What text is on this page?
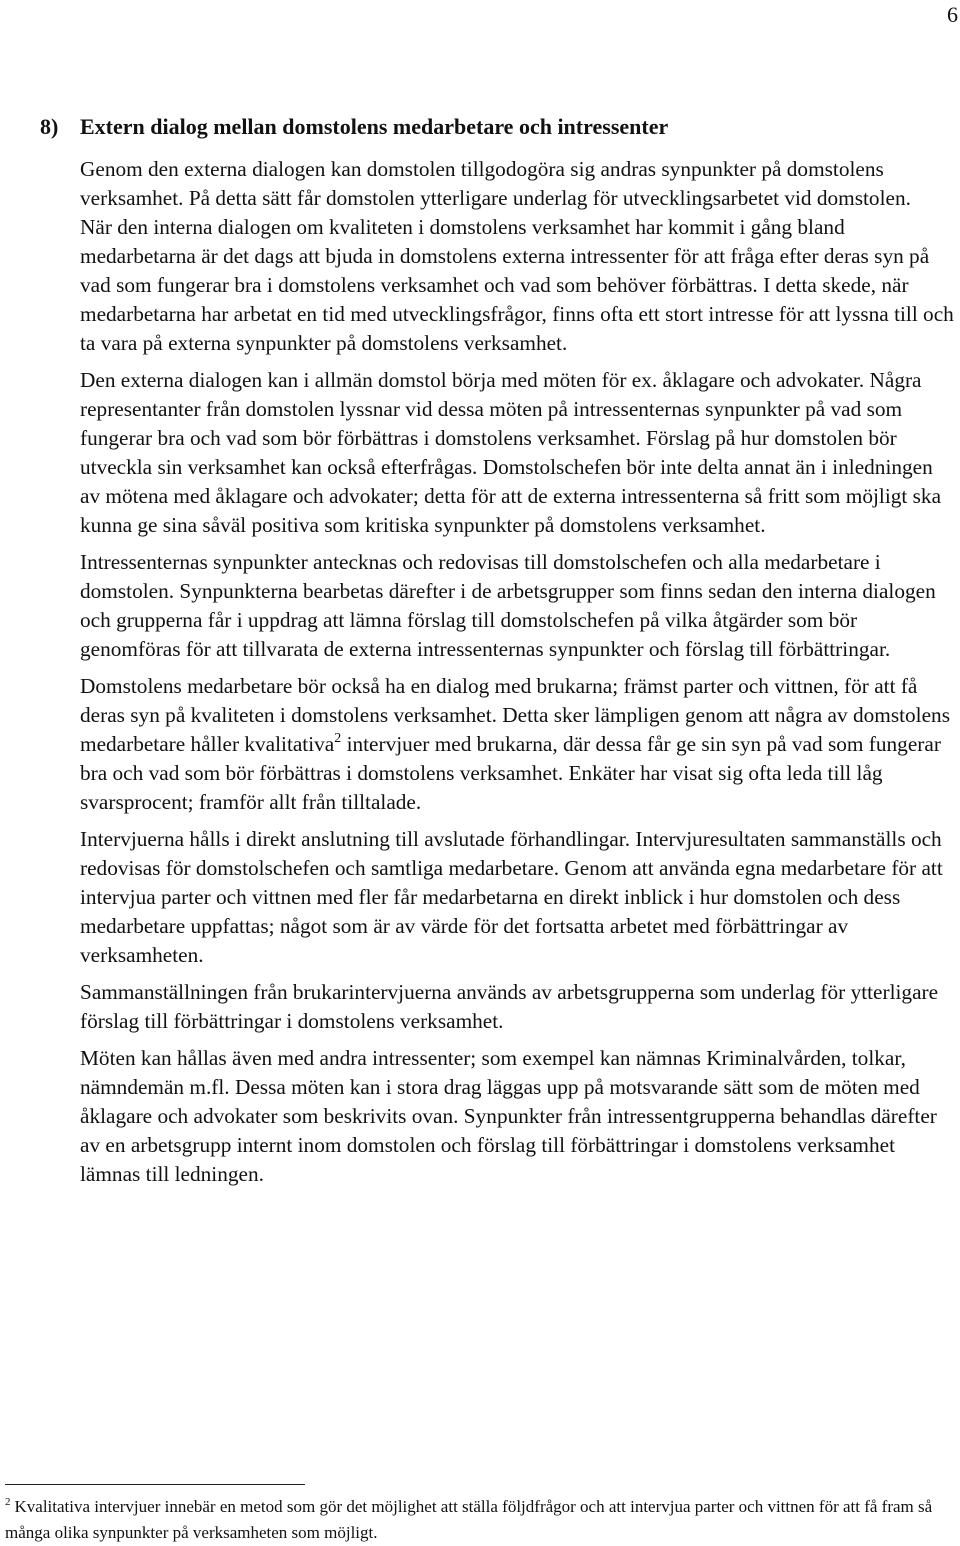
6
8) Extern dialog mellan domstolens medarbetare och intressenter

Genom den externa dialogen kan domstolen tillgodogöra sig andras synpunkter på domstolens verksamhet. På detta sätt får domstolen ytterligare underlag för utvecklingsarbetet vid domstolen.

När den interna dialogen om kvaliteten i domstolens verksamhet har kommit i gång bland medarbetarna är det dags att bjuda in domstolens externa intressenter för att fråga efter deras syn på vad som fungerar bra i domstolens verksamhet och vad som behöver förbättras. I detta skede, när medarbetarna har arbetat en tid med utvecklingsfrågor, finns ofta ett stort intresse för att lyssna till och ta vara på externa synpunkter på domstolens verksamhet.

Den externa dialogen kan i allmän domstol börja med möten för ex. åklagare och advokater. Några representanter från domstolen lyssnar vid dessa möten på intressenternas synpunkter på vad som fungerar bra och vad som bör förbättras i domstolens verksamhet. Förslag på hur domstolen bör utveckla sin verksamhet kan också efterfrågas. Domstolschefen bör inte delta annat än i inledningen av mötena med åklagare och advokater; detta för att de externa intressenterna så fritt som möjligt ska kunna ge sina såväl positiva som kritiska synpunkter på domstolens verksamhet.

Intressenternas synpunkter antecknas och redovisas till domstolschefen och alla medarbetare i domstolen. Synpunkterna bearbetas därefter i de arbetsgrupper som finns sedan den interna dialogen och grupperna får i uppdrag att lämna förslag till domstolschefen på vilka åtgärder som bör genomföras för att tillvarata de externa intressenternas synpunkter och förslag till förbättringar.

Domstolens medarbetare bör också ha en dialog med brukarna; främst parter och vittnen, för att få deras syn på kvaliteten i domstolens verksamhet. Detta sker lämpligen genom att några av domstolens medarbetare håller kvalitativa$^2$ intervjuer med brukarna, där dessa får ge sin syn på vad som fungerar bra och vad som bör förbättras i domstolens verksamhet. Enkäter har visat sig ofta leda till låg svarsprocent; framför allt från tilltalade.

Intervjuerna hålls i direkt anslutning till avslutade förhandlingar. Intervjuresultaten sammanställs och redovisas för domstolschefen och samtliga medarbetare. Genom att använda egna medarbetare för att intervjua parter och vittnen med fler får medarbetarna en direkt inblick i hur domstolen och dess medarbetare uppfattas; något som är av värde för det fortsatta arbetet med förbättringar av verksamheten.

Sammanställningen från brukarintervjuerna används av arbetsgrupperna som underlag för ytterligare förslag till förbättringar i domstolens verksamhet.

Möten kan hållas även med andra intressenter; som exempel kan nämnas Kriminalvården, tolkar, nämndemän m.fl. Dessa möten kan i stora drag läggas upp på motsvarande sätt som de möten med åklagare och advokater som beskrivits ovan. Synpunkter från intressentgrupperna behandlas därefter av en arbetsgrupp internt inom domstolen och förslag till förbättringar i domstolens verksamhet lämnas till ledningen.

$^2$ Kvalitativa intervjuer innebär en metod som gör det möjlighet att ställa följdfrågor och att intervjua parter och vittnen för att få fram så många olika synpunkter på verksamheten som möjligt.
